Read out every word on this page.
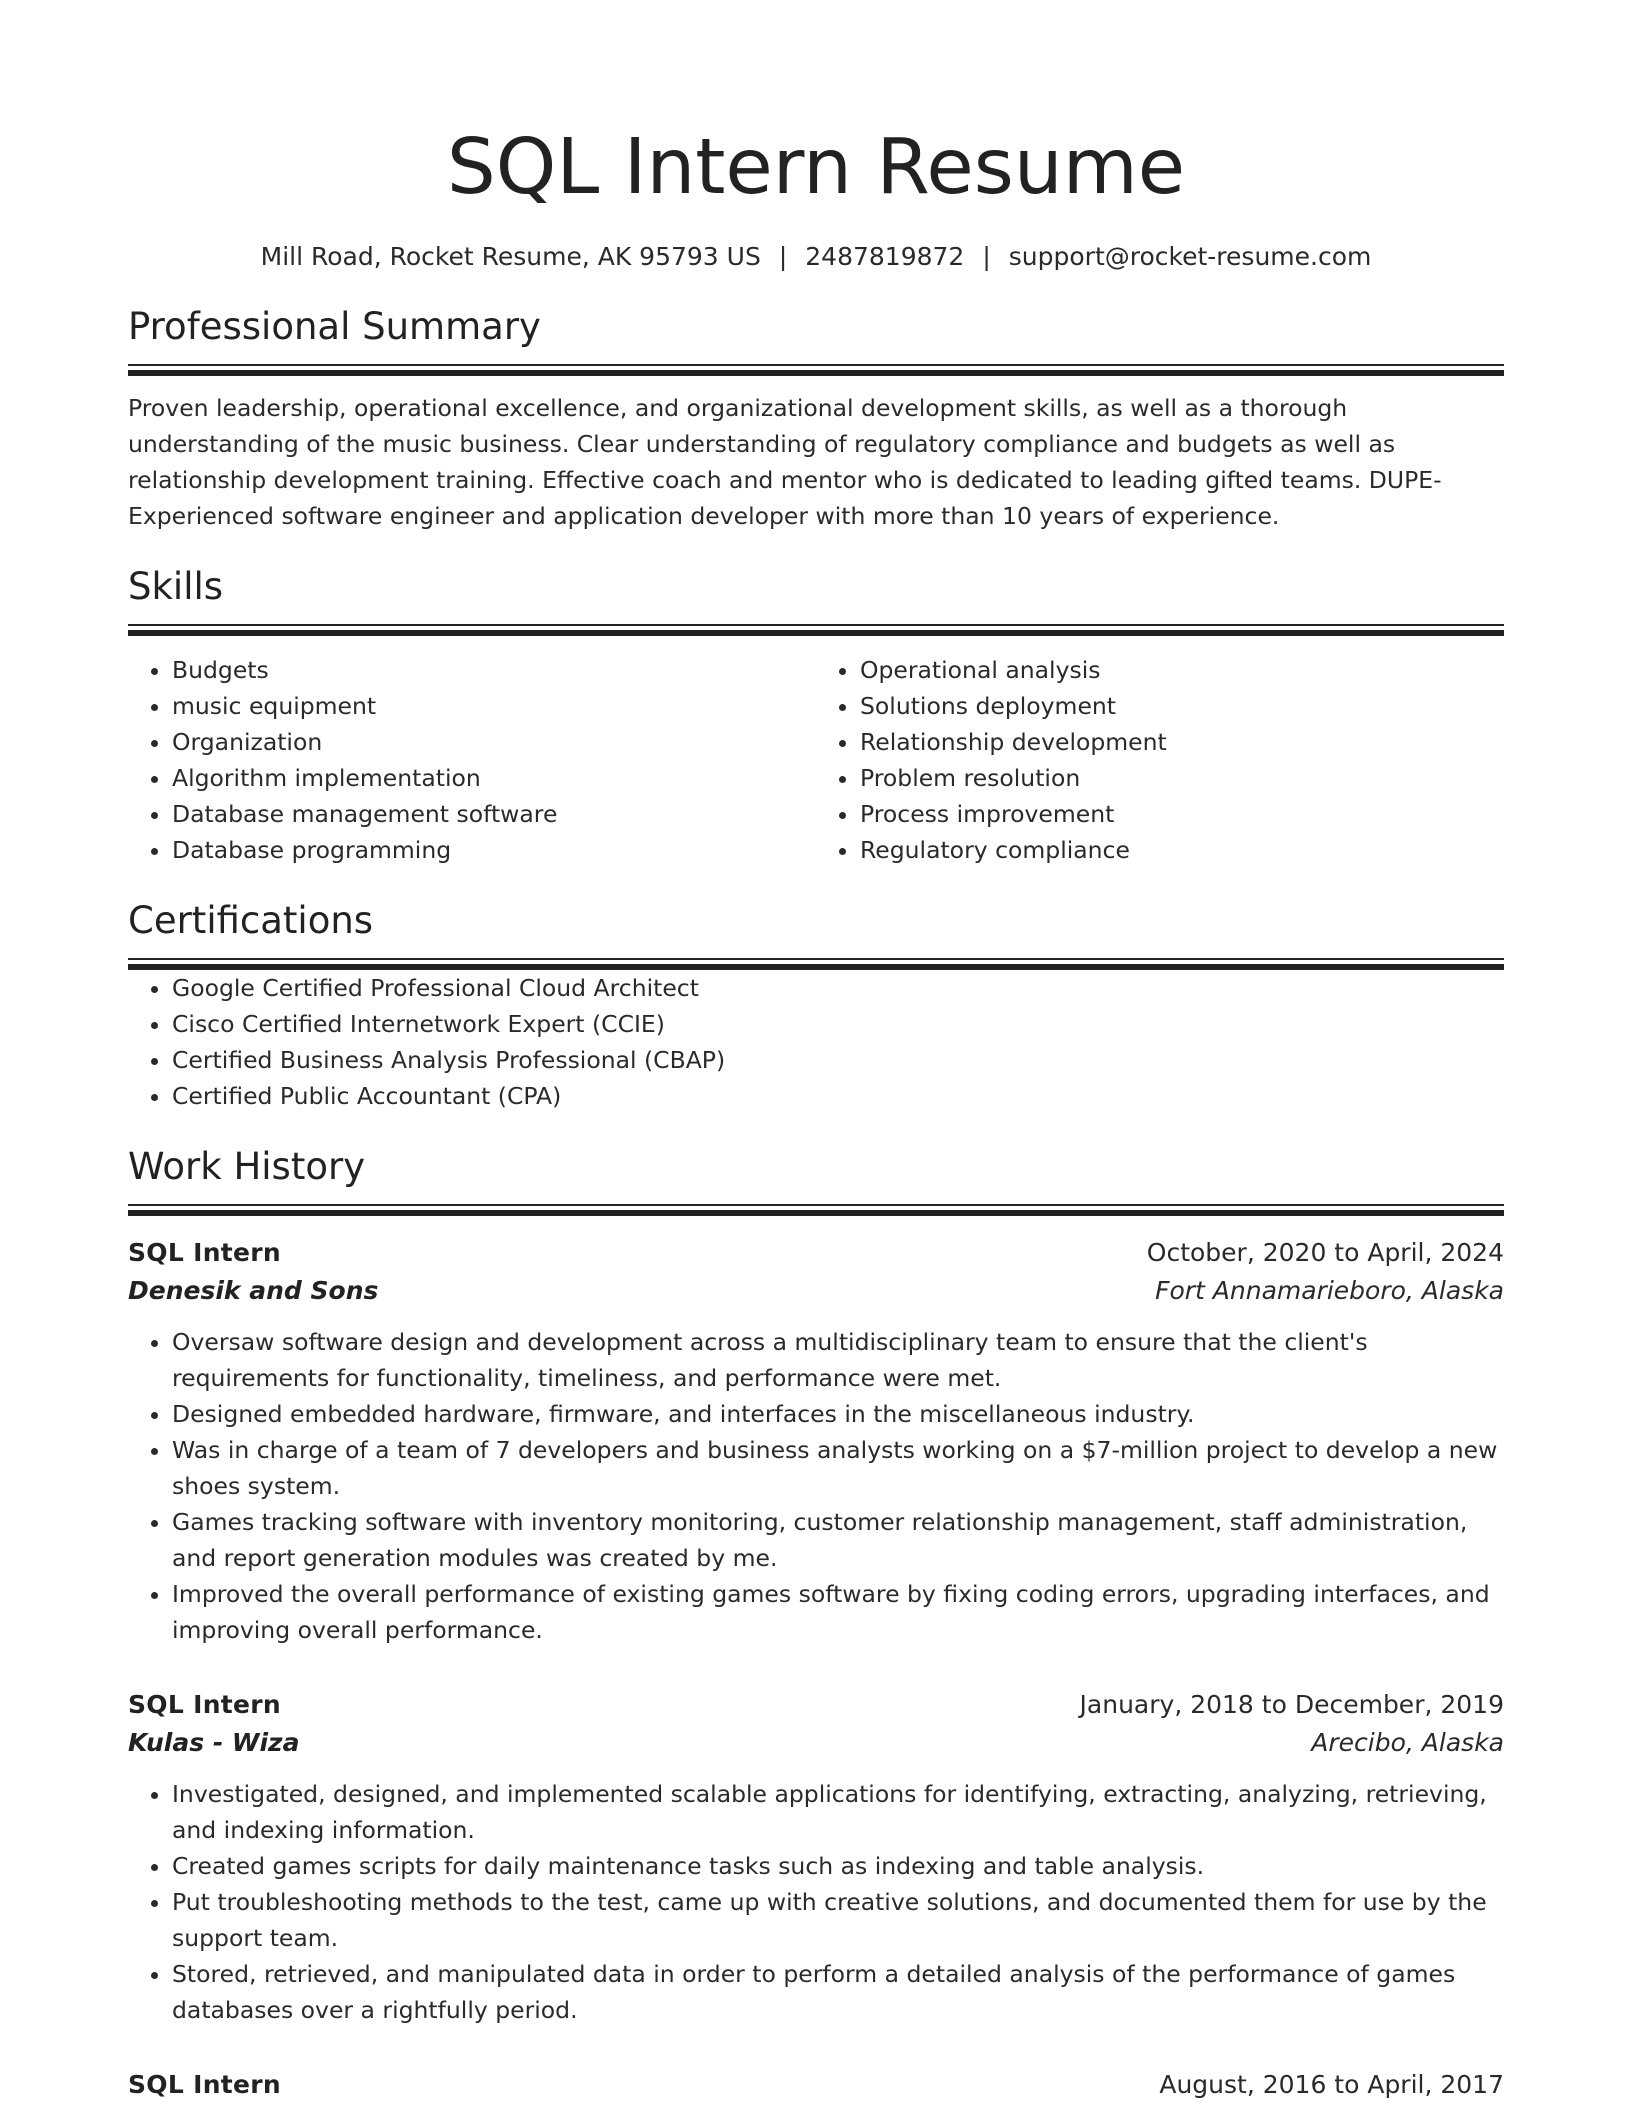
SQL Intern Resume
Mill Road, Rocket Resume, AK 95793 US | 2487819872 | support@rocket-resume.com
Professional Summary

Proven leadership, operational excellence, and organizational development skills, as well as a thorough understanding of the music business. Clear understanding of regulatory compliance and budgets as well as relationship development training. Effective coach and mentor who is dedicated to leading gifted teams. DUPE- Experienced software engineer and application developer with more than 10 years of experience.

Skills
• Budgets
• music equipment
• Organization
• Algorithm implementation
• Database management software
• Database programming
• Operational analysis
• Solutions deployment
• Relationship development
• Problem resolution
• Process improvement
• Regulatory compliance
Certifications
• Google Certified Professional Cloud Architect
• Cisco Certified Internetwork Expert (CCIE)
• Certified Business Analysis Professional (CBAP)
• Certified Public Accountant (CPA)
Work History
SQL Intern	October, 2020 to April, 2024
Denesik and Sons	Fort Annamarieboro, Alaska
• Oversaw software design and development across a multidisciplinary team to ensure that the client's requirements for functionality, timeliness, and performance were met.
• Designed embedded hardware, firmware, and interfaces in the miscellaneous industry.
• Was in charge of a team of 7 developers and business analysts working on a $7-million project to develop a new shoes system.
• Games tracking software with inventory monitoring, customer relationship management, staff administration, and report generation modules was created by me.
• Improved the overall performance of existing games software by fixing coding errors, upgrading interfaces, and improving overall performance.
SQL Intern	January, 2018 to December, 2019
Kulas - Wiza	Arecibo, Alaska
• Investigated, designed, and implemented scalable applications for identifying, extracting, analyzing, retrieving, and indexing information.
• Created games scripts for daily maintenance tasks such as indexing and table analysis.
• Put troubleshooting methods to the test, came up with creative solutions, and documented them for use by the support team.
• Stored, retrieved, and manipulated data in order to perform a detailed analysis of the performance of games databases over a rightfully period.
SQL Intern	August, 2016 to April, 2017
